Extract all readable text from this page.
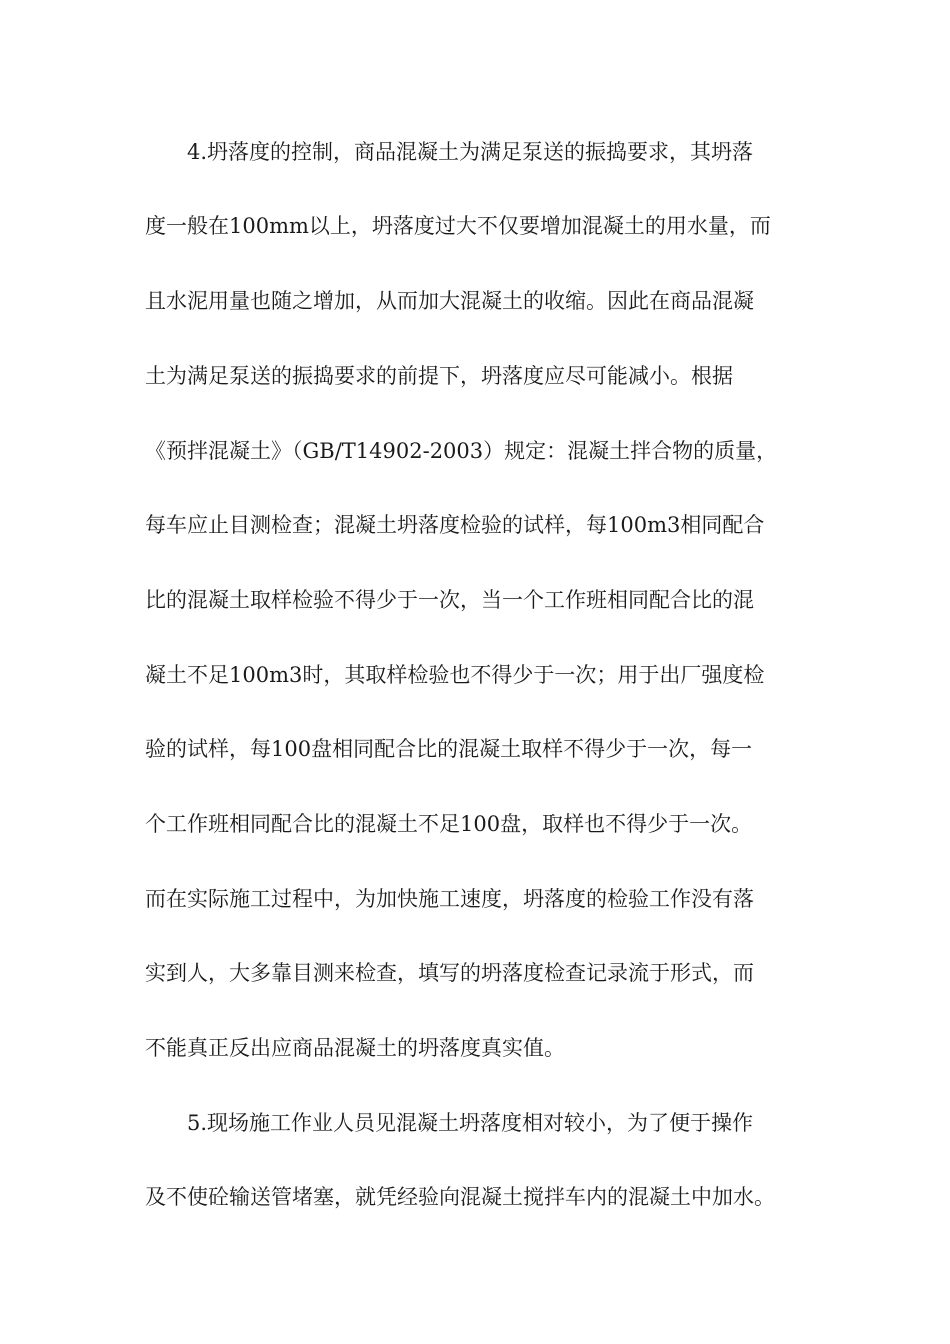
4.坍落度的控制，商品混凝土为满足泵送的振捣要求，其坍落
度一般在100mm以上，坍落度过大不仅要增加混凝土的用水量，而
且水泥用量也随之增加，从而加大混凝土的收缩。因此在商品混凝
土为满足泵送的振捣要求的前提下，坍落度应尽可能减小。根据
《预拌混凝土》（GB/T14902-2003）规定：混凝土拌合物的质量，
每车应止目测检查；混凝土坍落度检验的试样，每100m3相同配合
比的混凝土取样检验不得少于一次，当一个工作班相同配合比的混
凝土不足100m3时，其取样检验也不得少于一次；用于出厂强度检
验的试样，每100盘相同配合比的混凝土取样不得少于一次，每一
个工作班相同配合比的混凝土不足100盘，取样也不得少于一次。
而在实际施工过程中，为加快施工速度，坍落度的检验工作没有落
实到人，大多靠目测来检查，填写的坍落度检查记录流于形式，而
不能真正反出应商品混凝土的坍落度真实值。
5.现场施工作业人员见混凝土坍落度相对较小，为了便于操作
及不使砼输送管堵塞，就凭经验向混凝土搅拌车内的混凝土中加水。
